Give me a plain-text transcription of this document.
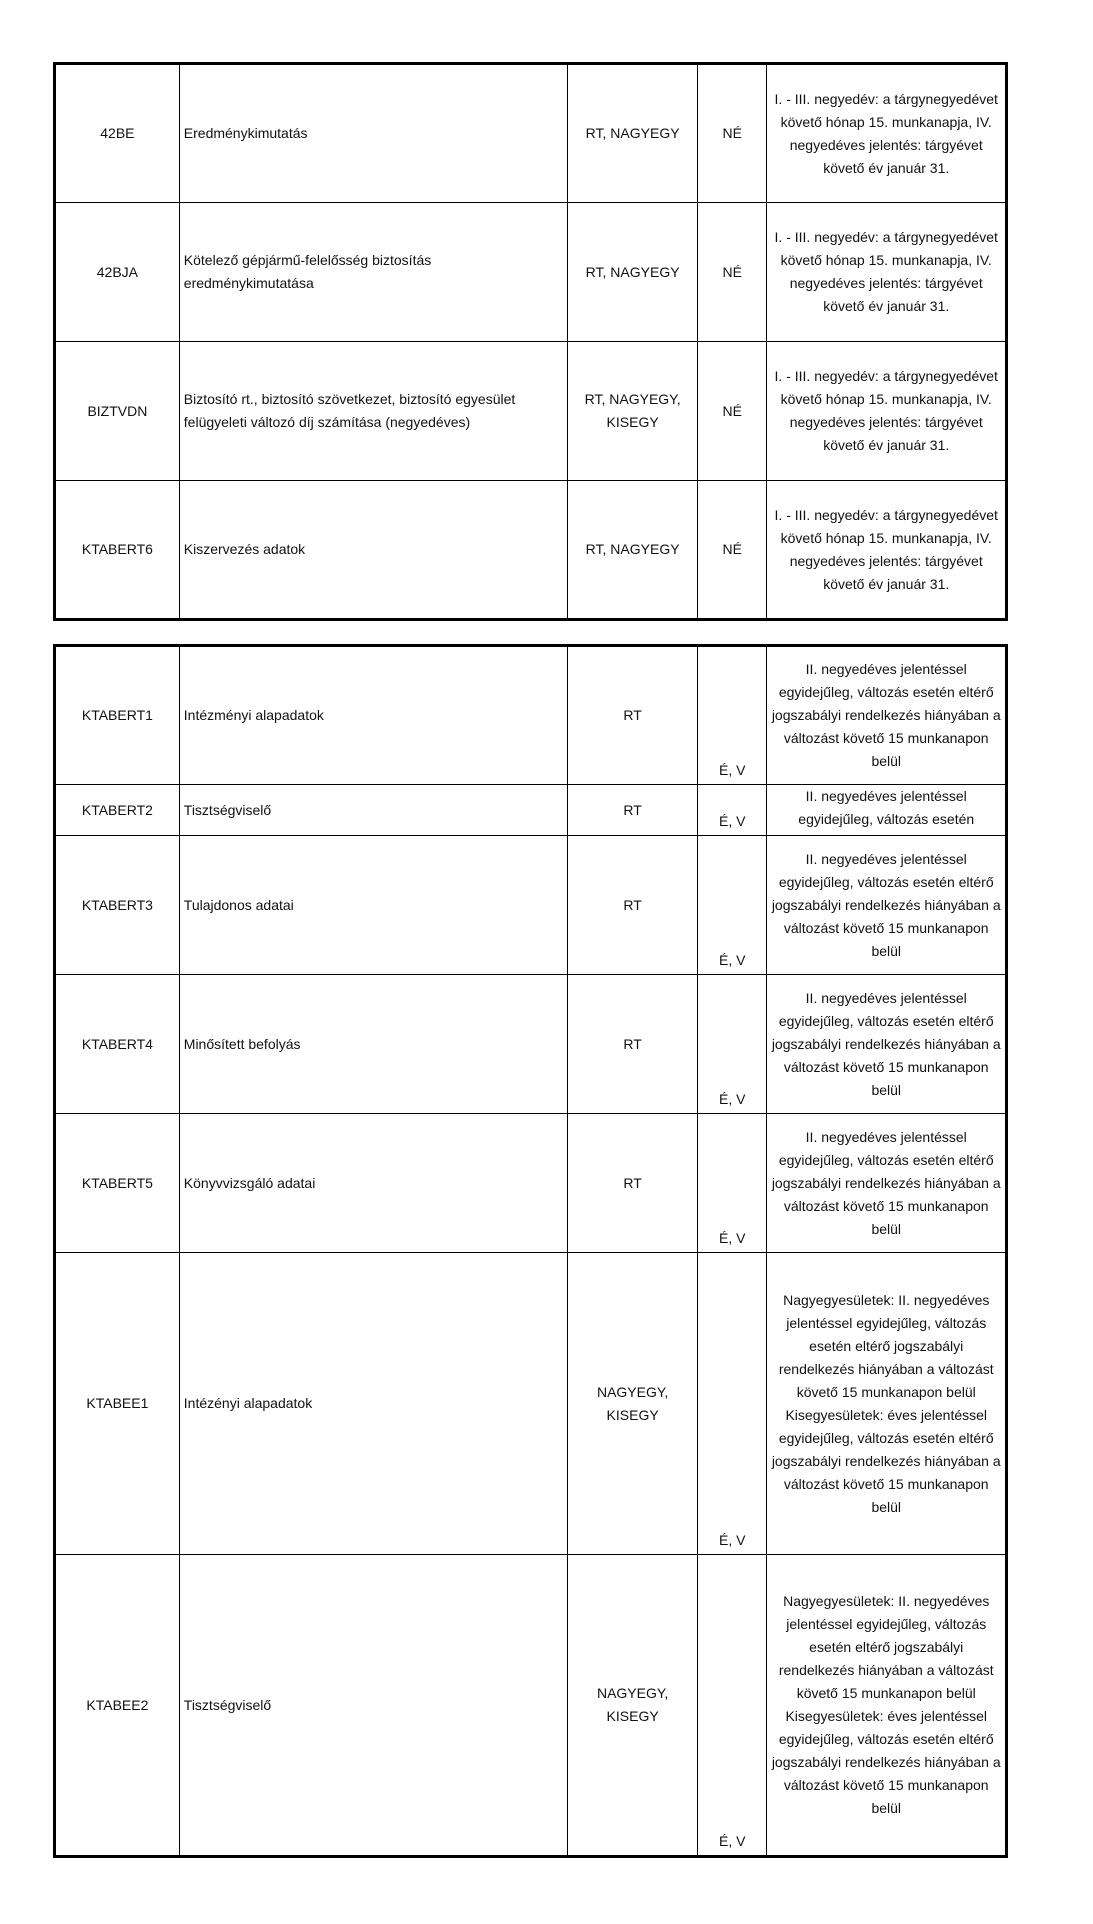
42BE	Eredménykimutatás	RT, NAGYEGY	NÉ	I. - III. negyedév: a tárgynegyedévet követő hónap 15. munkanapja, IV. negyedéves jelentés: tárgyévet követő év január 31.
42BJA	Kötelező gépjármű-felelősség biztosítás eredménykimutatása	RT, NAGYEGY	NÉ	I. - III. negyedév: a tárgynegyedévet követő hónap 15. munkanapja, IV. negyedéves jelentés: tárgyévet követő év január 31.
BIZTVDN	Biztosító rt., biztosító szövetkezet, biztosító egyesület felügyeleti változó díj számítása (negyedéves)	RT, NAGYEGY, KISEGY	NÉ	I. - III. negyedév: a tárgynegyedévet követő hónap 15. munkanapja, IV. negyedéves jelentés: tárgyévet követő év január 31.
KTABERT6	Kiszervezés adatok	RT, NAGYEGY	NÉ	I. - III. negyedév: a tárgynegyedévet követő hónap 15. munkanapja, IV. negyedéves jelentés: tárgyévet követő év január 31.
KTABERT1	Intézményi alapadatok	RT	É, V	II. negyedéves jelentéssel egyidejűleg, változás esetén eltérő jogszabályi rendelkezés hiányában a változást követő 15 munkanapon belül
KTABERT2	Tisztségviselő	RT	É, V	II. negyedéves jelentéssel egyidejűleg, változás esetén
KTABERT3	Tulajdonos adatai	RT	É, V	II. negyedéves jelentéssel egyidejűleg, változás esetén eltérő jogszabályi rendelkezés hiányában a változást követő 15 munkanapon belül
KTABERT4	Minősített befolyás	RT	É, V	II. negyedéves jelentéssel egyidejűleg, változás esetén eltérő jogszabályi rendelkezés hiányában a változást követő 15 munkanapon belül
KTABERT5	Könyvvizsgáló adatai	RT	É, V	II. negyedéves jelentéssel egyidejűleg, változás esetén eltérő jogszabályi rendelkezés hiányában a változást követő 15 munkanapon belül
KTABEE1	Intézényi alapadatok	NAGYEGY, KISEGY	É, V	Nagyegyesületek: II. negyedéves jelentéssel egyidejűleg, változás esetén eltérő jogszabályi rendelkezés hiányában a változást követő 15 munkanapon belül Kisegyesületek: éves jelentéssel egyidejűleg, változás esetén eltérő jogszabályi rendelkezés hiányában a változást követő 15 munkanapon belül
KTABEE2	Tisztségviselő	NAGYEGY, KISEGY	É, V	Nagyegyesületek: II. negyedéves jelentéssel egyidejűleg, változás esetén eltérő jogszabályi rendelkezés hiányában a változást követő 15 munkanapon belül Kisegyesületek: éves jelentéssel egyidejűleg, változás esetén eltérő jogszabályi rendelkezés hiányában a változást követő 15 munkanapon belül
